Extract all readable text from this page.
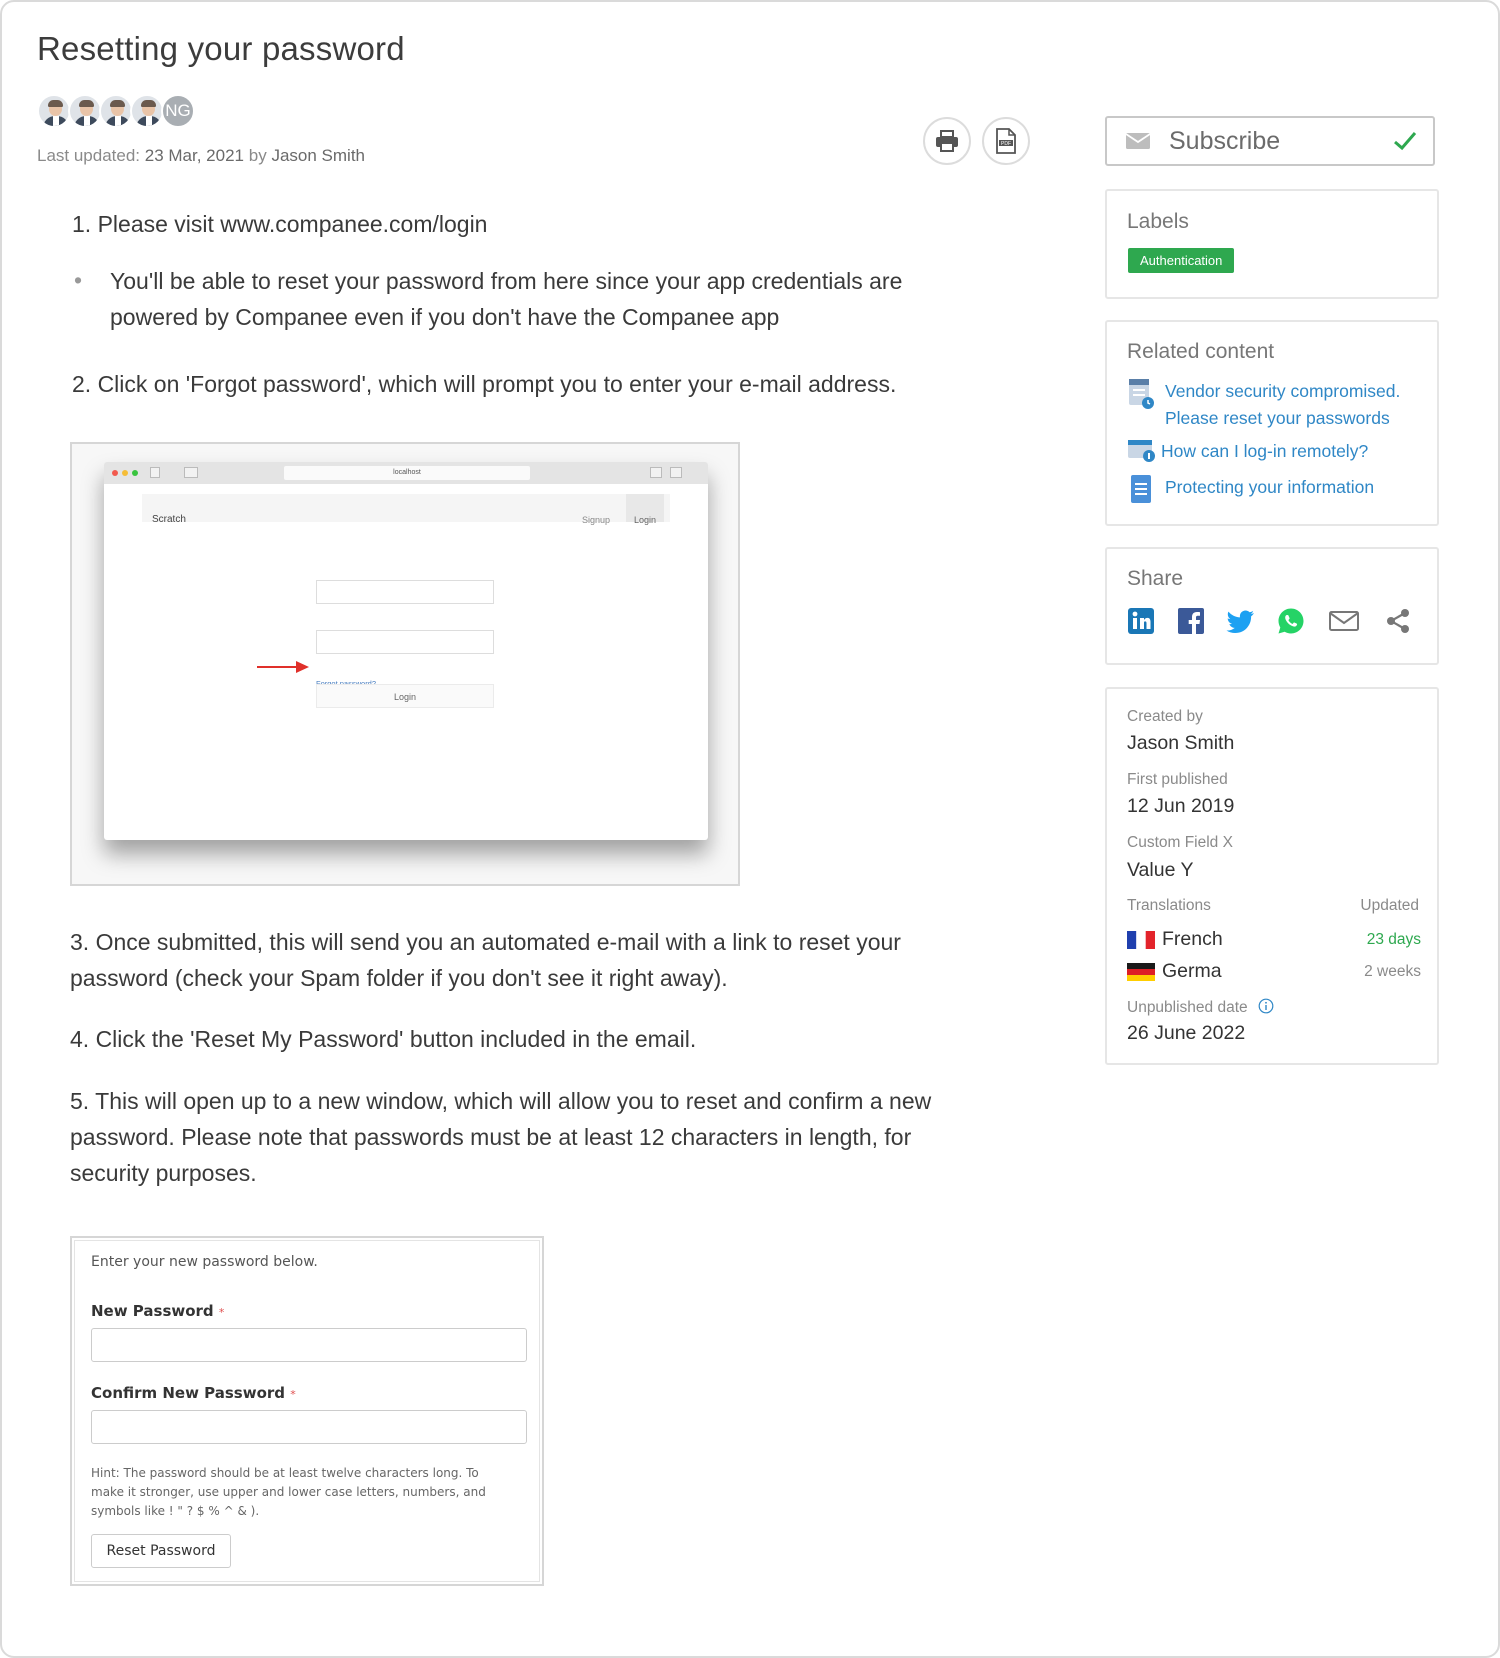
Resetting your password
NG
Last updated: 23 Mar, 2021 by Jason Smith
PDF

1. Please visit www.companee.com/login

• You'll be able to reset your password from here since your app credentials are powered by Companee even if you don't have the Companee app

2. Click on 'Forgot password', which will prompt you to enter your e-mail address.

localhost
Scratch	Signup	Login
Login

3. Once submitted, this will send you an automated e-mail with a link to reset your password (check your Spam folder if you don't see it right away).

4. Click the 'Reset My Password' button included in the email.

5. This will open up to a new window, which will allow you to reset and confirm a new password. Please note that passwords must be at least 12 characters in length, for security purposes.

Enter your new password below.
New Password *
Confirm New Password *

Hint: The password should be at least twelve characters long. To make it stronger, use upper and lower case letters, numbers, and symbols like ! " ? $ % ^ & ).

Reset Password
Subscribe
Labels
Authentication
Related content
Vendor security compromised.
Please reset your passwords
How can I log-in remotely?
Protecting your information
Share
Created by
Jason Smith
First published
12 Jun 2019
Custom Field X
Value Y
Translations	Updated
French	23 days
Germa	2 weeks
Unpublished date
26 June 2022
